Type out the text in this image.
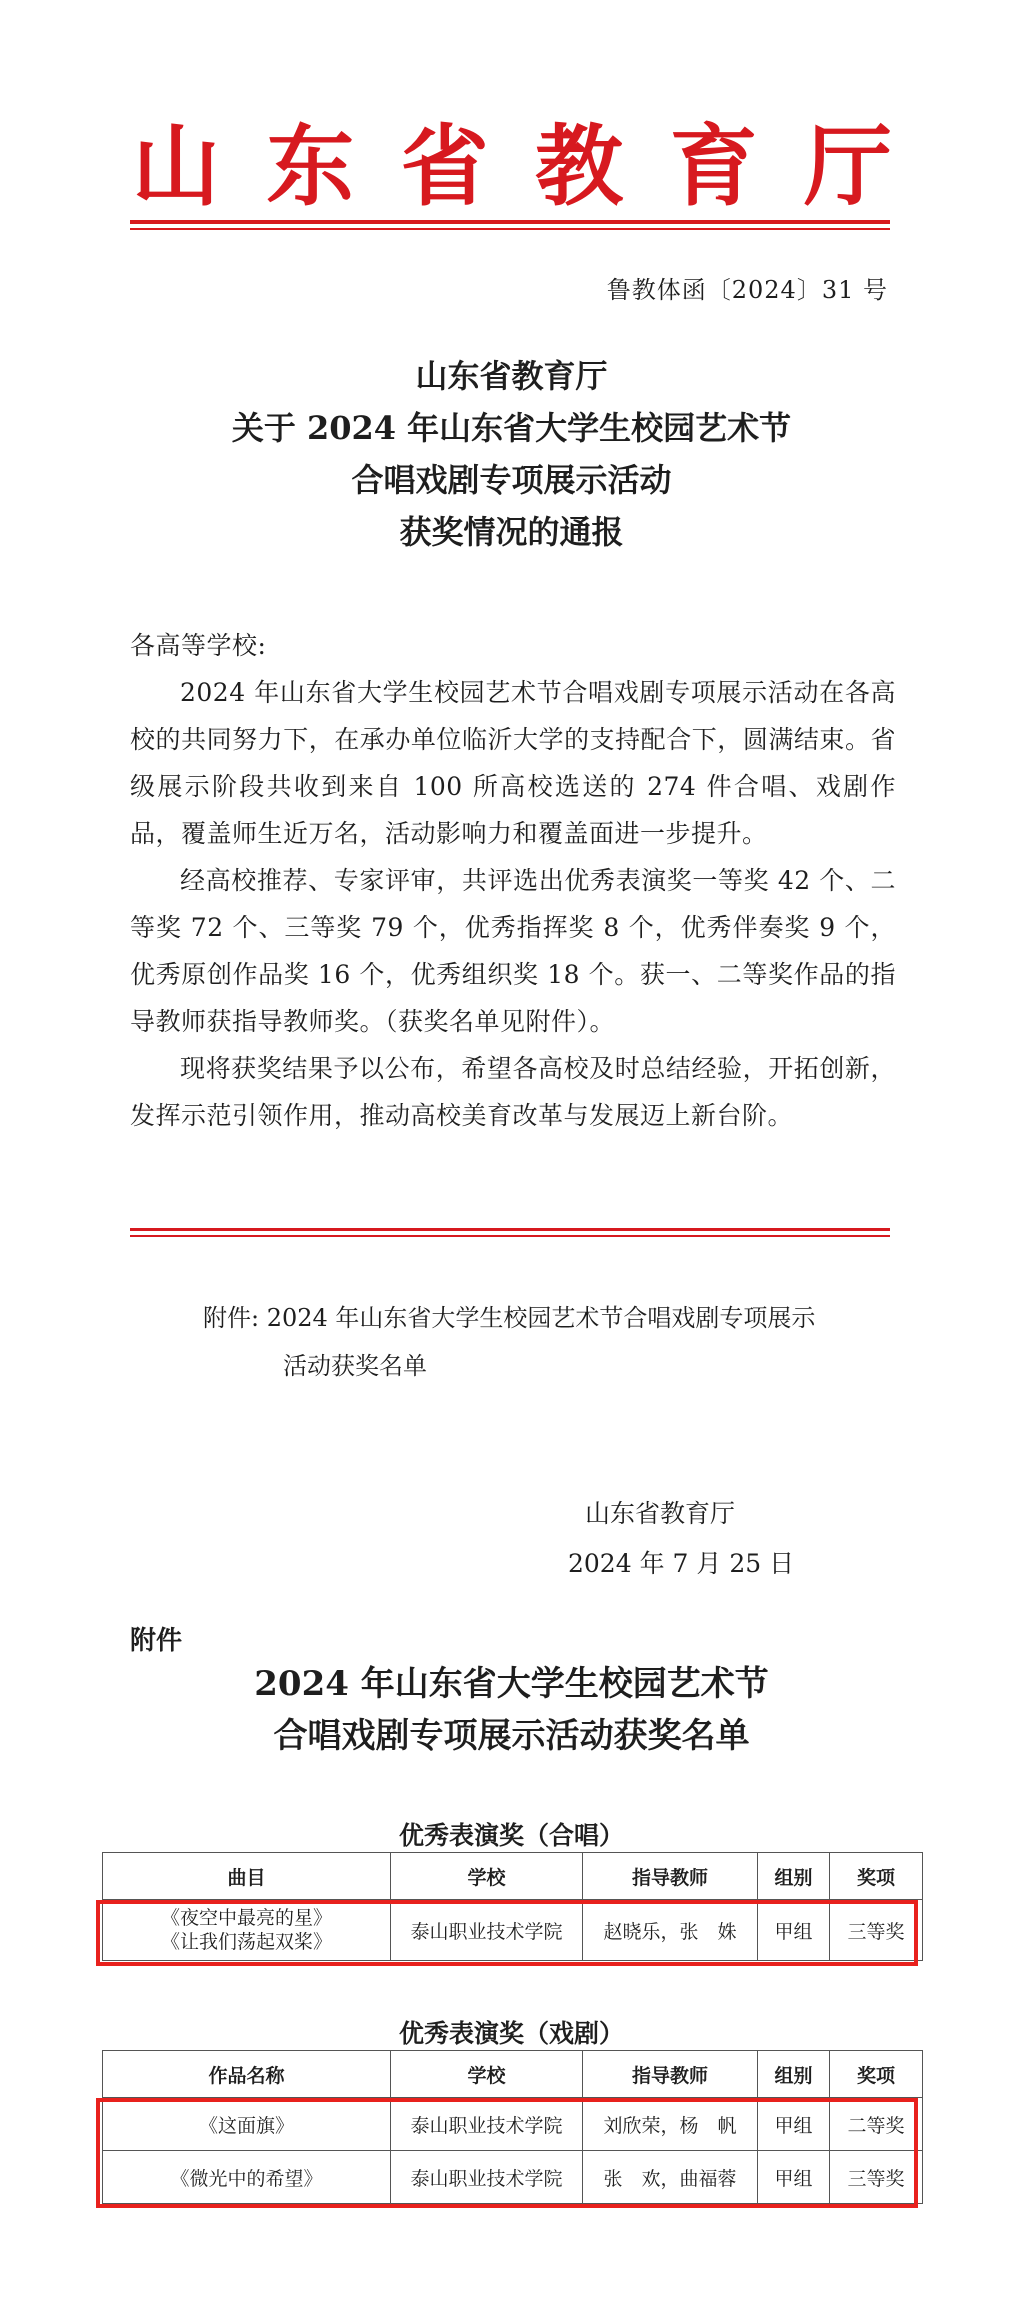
山 东 省 教 育 厅
鲁教体函〔2024〕31 号
山东省教育厅
关于 2024 年山东省大学生校园艺术节
合唱戏剧专项展示活动
获奖情况的通报

各高等学校:

2024 年山东省大学生校园艺术节合唱戏剧专项展示活动在各高校的共同努力下，在承办单位临沂大学的支持配合下，圆满结束。省级展示阶段共收到来自 100 所高校选送的 274 件合唱、戏剧作品，覆盖师生近万名，活动影响力和覆盖面进一步提升。

经高校推荐、专家评审，共评选出优秀表演奖一等奖 42 个、二等奖 72 个、三等奖 79 个，优秀指挥奖 8 个，优秀伴奏奖 9 个，优秀原创作品奖 16 个，优秀组织奖 18 个。获一、二等奖作品的指导教师获指导教师奖。（获奖名单见附件）。

现将获奖结果予以公布，希望各高校及时总结经验，开拓创新，发挥示范引领作用，推动高校美育改革与发展迈上新台阶。

附件: 2024 年山东省大学生校园艺术节合唱戏剧专项展示
活动获奖名单
山东省教育厅
2024 年 7 月 25 日
附件
2024 年山东省大学生校园艺术节
合唱戏剧专项展示活动获奖名单
优秀表演奖（合唱）
曲目	学校	指导教师	组别	奖项

《夜空中最亮的星》
《让我们荡起双桨》	泰山职业技术学院	赵晓乐，张　姝	甲组	三等奖
优秀表演奖（戏剧）
作品名称	学校	指导教师	组别	奖项
《这面旗》	泰山职业技术学院	刘欣荣，杨　帆	甲组	二等奖
《微光中的希望》	泰山职业技术学院	张　欢，曲福蓉	甲组	三等奖
